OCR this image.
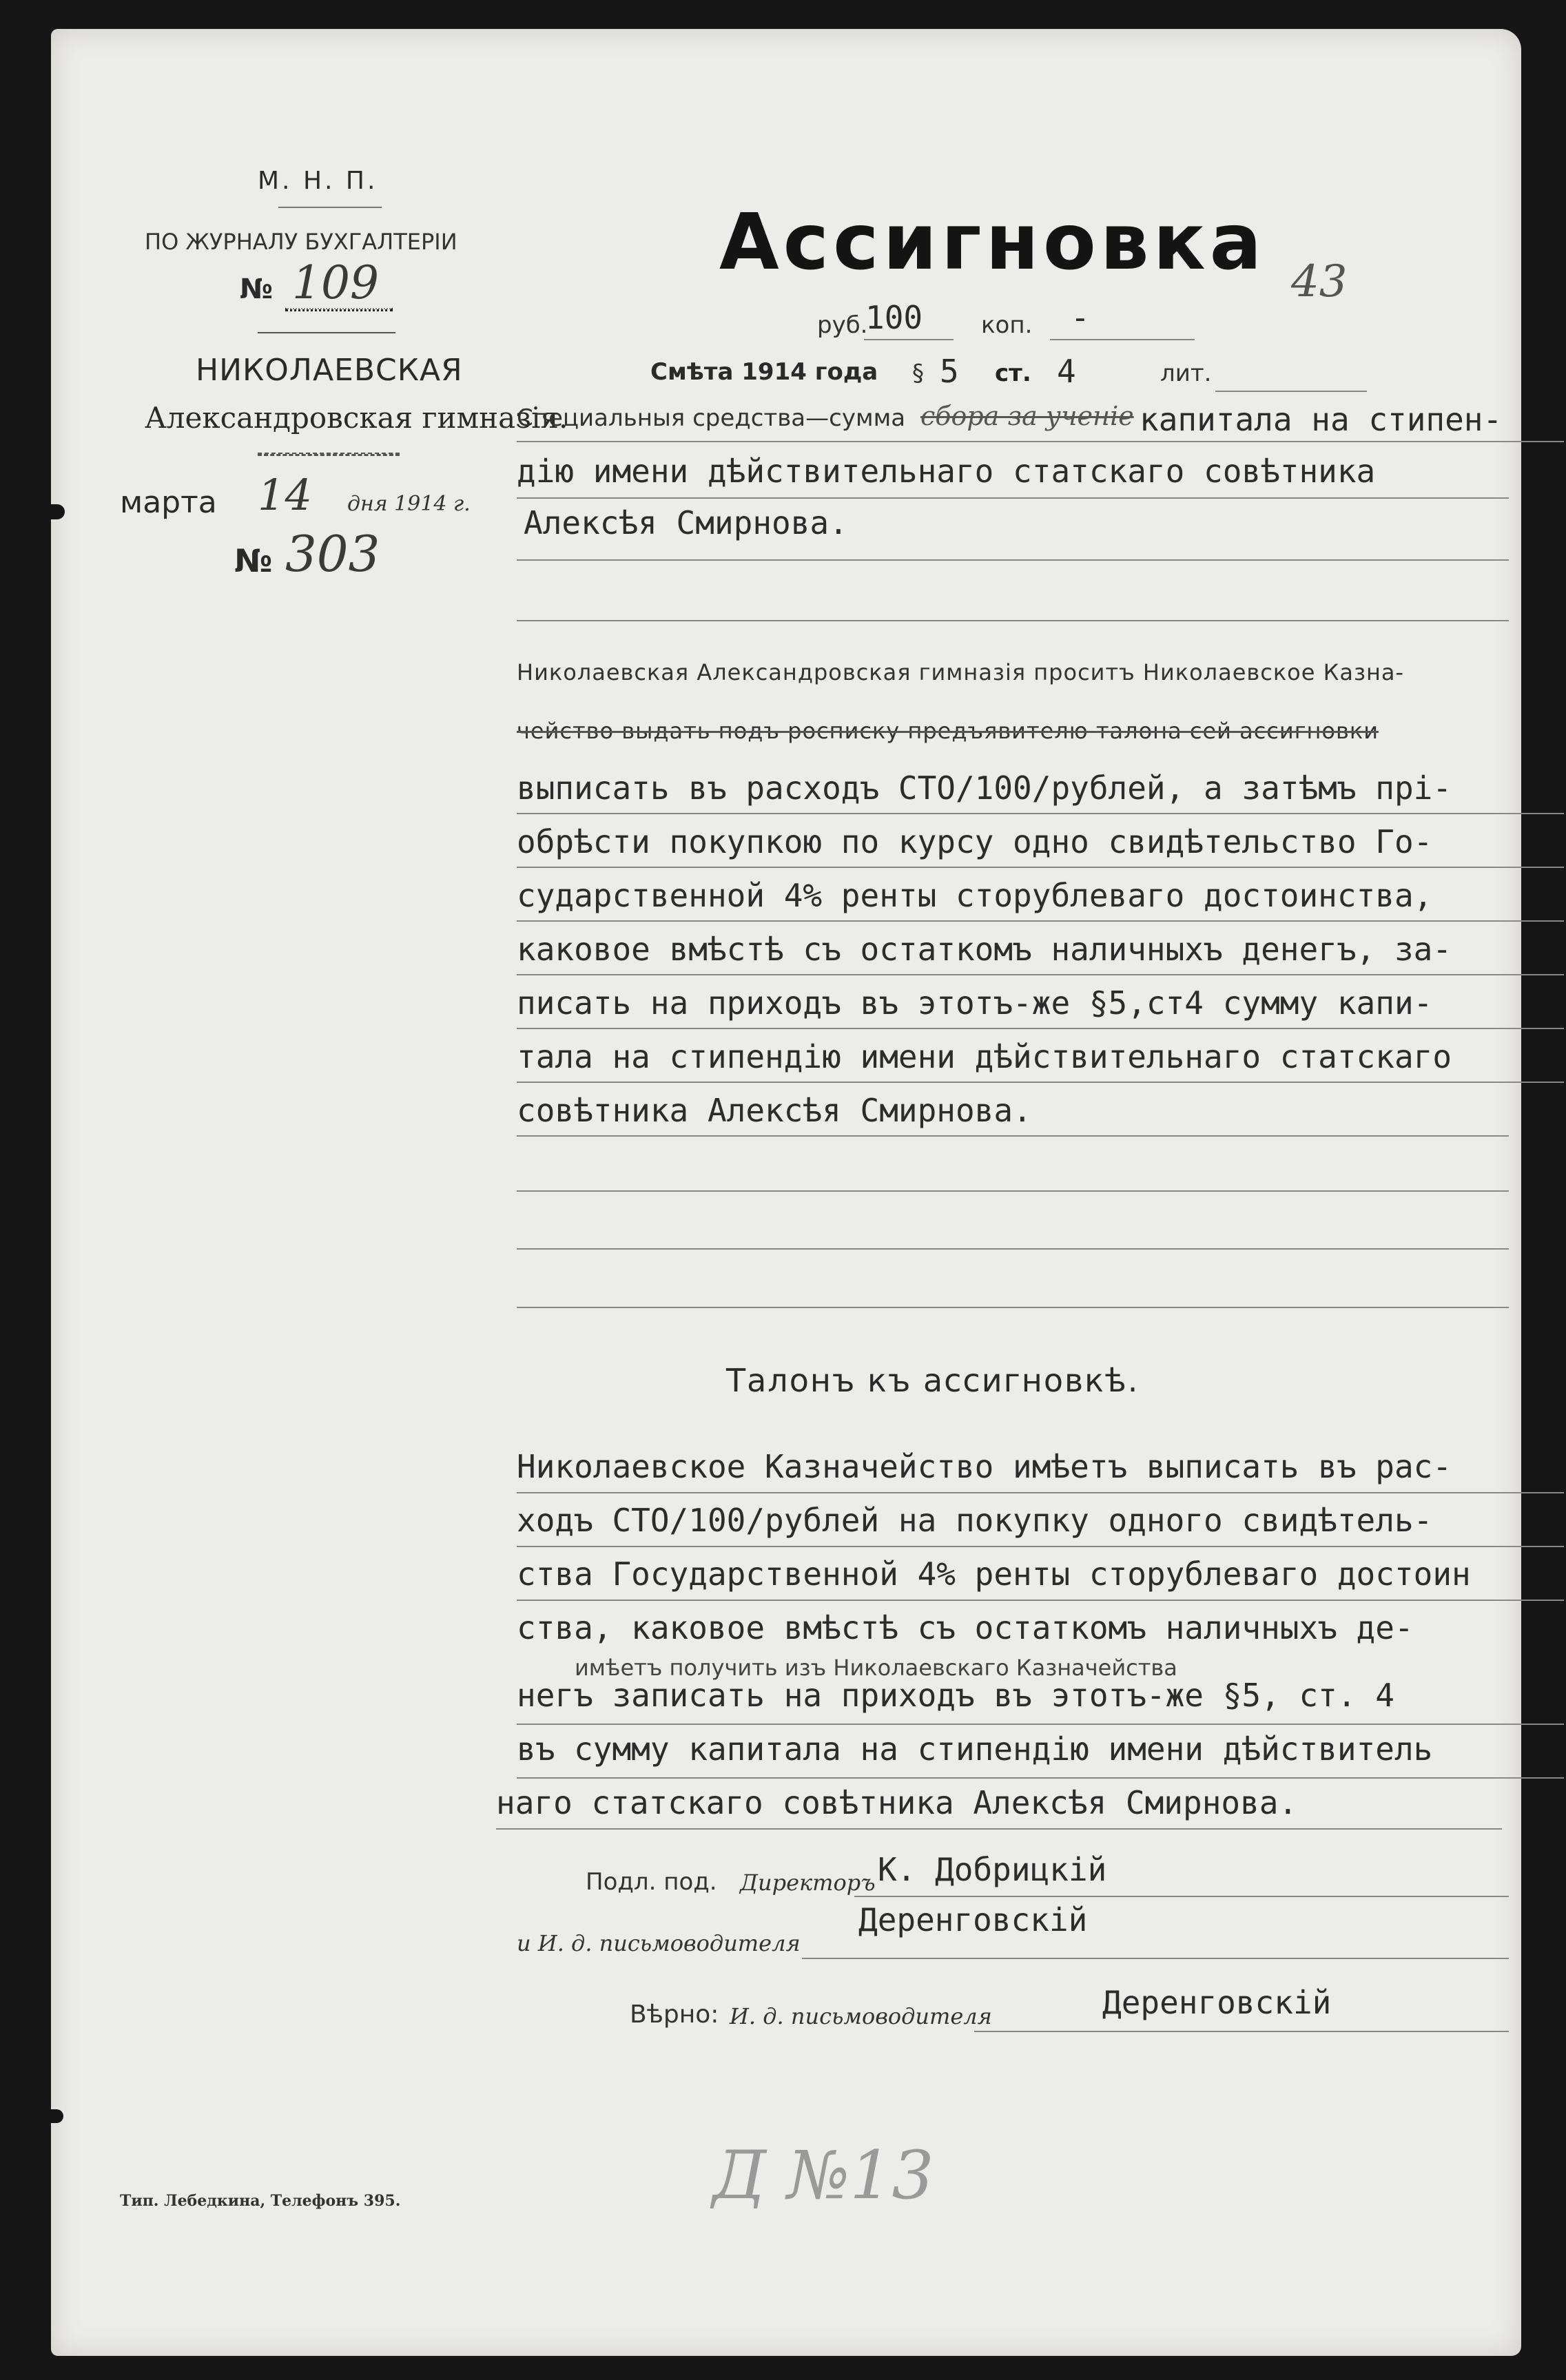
М. Н. П.
ПО ЖУРНАЛУ БУХГАЛТЕРІИ
№ 109
НИКОЛАЕВСКАЯ
Александровская гимназія.
марта 14 дня 1914 г.
№ 303
Ассигновка 43
руб.
100 коп. -
Смѣта 1914 года § 5 ст. 4	лит.
Специальныя средства—сумма сбора за ученіе капитала на стипен-
дію имени дѣйствительнаго статскаго совѣтника
Алексѣя Смирнова.
Николаевская Александровская гимназія проситъ Николаевское Казна-
чейство выдать подъ росписку предъявителю талона сей ассигновки
выписать въ расходъ СТО/100/рублей, а затѣмъ прі-
обрѣсти покупкою по курсу одно свидѣтельство Го-
сударственной 4% ренты сторублеваго достоинства,
каковое вмѣстѣ съ остаткомъ наличныхъ денегъ, за-
писать на приходъ въ этотъ-же §5,ст4 сумму капи-
тала на стипендію имени дѣйствительнаго статскаго
совѣтника Алексѣя Смирнова.
Талонъ къ ассигновкѣ.
Николаевское Казначейство имѣетъ выписать въ рас-
ходъ СТО/100/рублей на покупку одного свидѣтель-
ства Государственной 4% ренты сторублеваго достоин
ства, каковое вмѣстѣ съ остаткомъ наличныхъ де-
имѣетъ получить изъ Николаевскаго Казначейства
негъ записать на приходъ въ этотъ-же §5, ст. 4
въ сумму капитала на стипендію имени дѣйствитель
наго статскаго совѣтника Алексѣя Смирнова.
Подл. под. Директоръ К. Добрицкій
и И. д. письмоводителя
Деренговскій
Вѣрно: И. д. письмоводителя	Деренговскій
Тип. Лебедкина, Телефонъ 395.	Д №13
